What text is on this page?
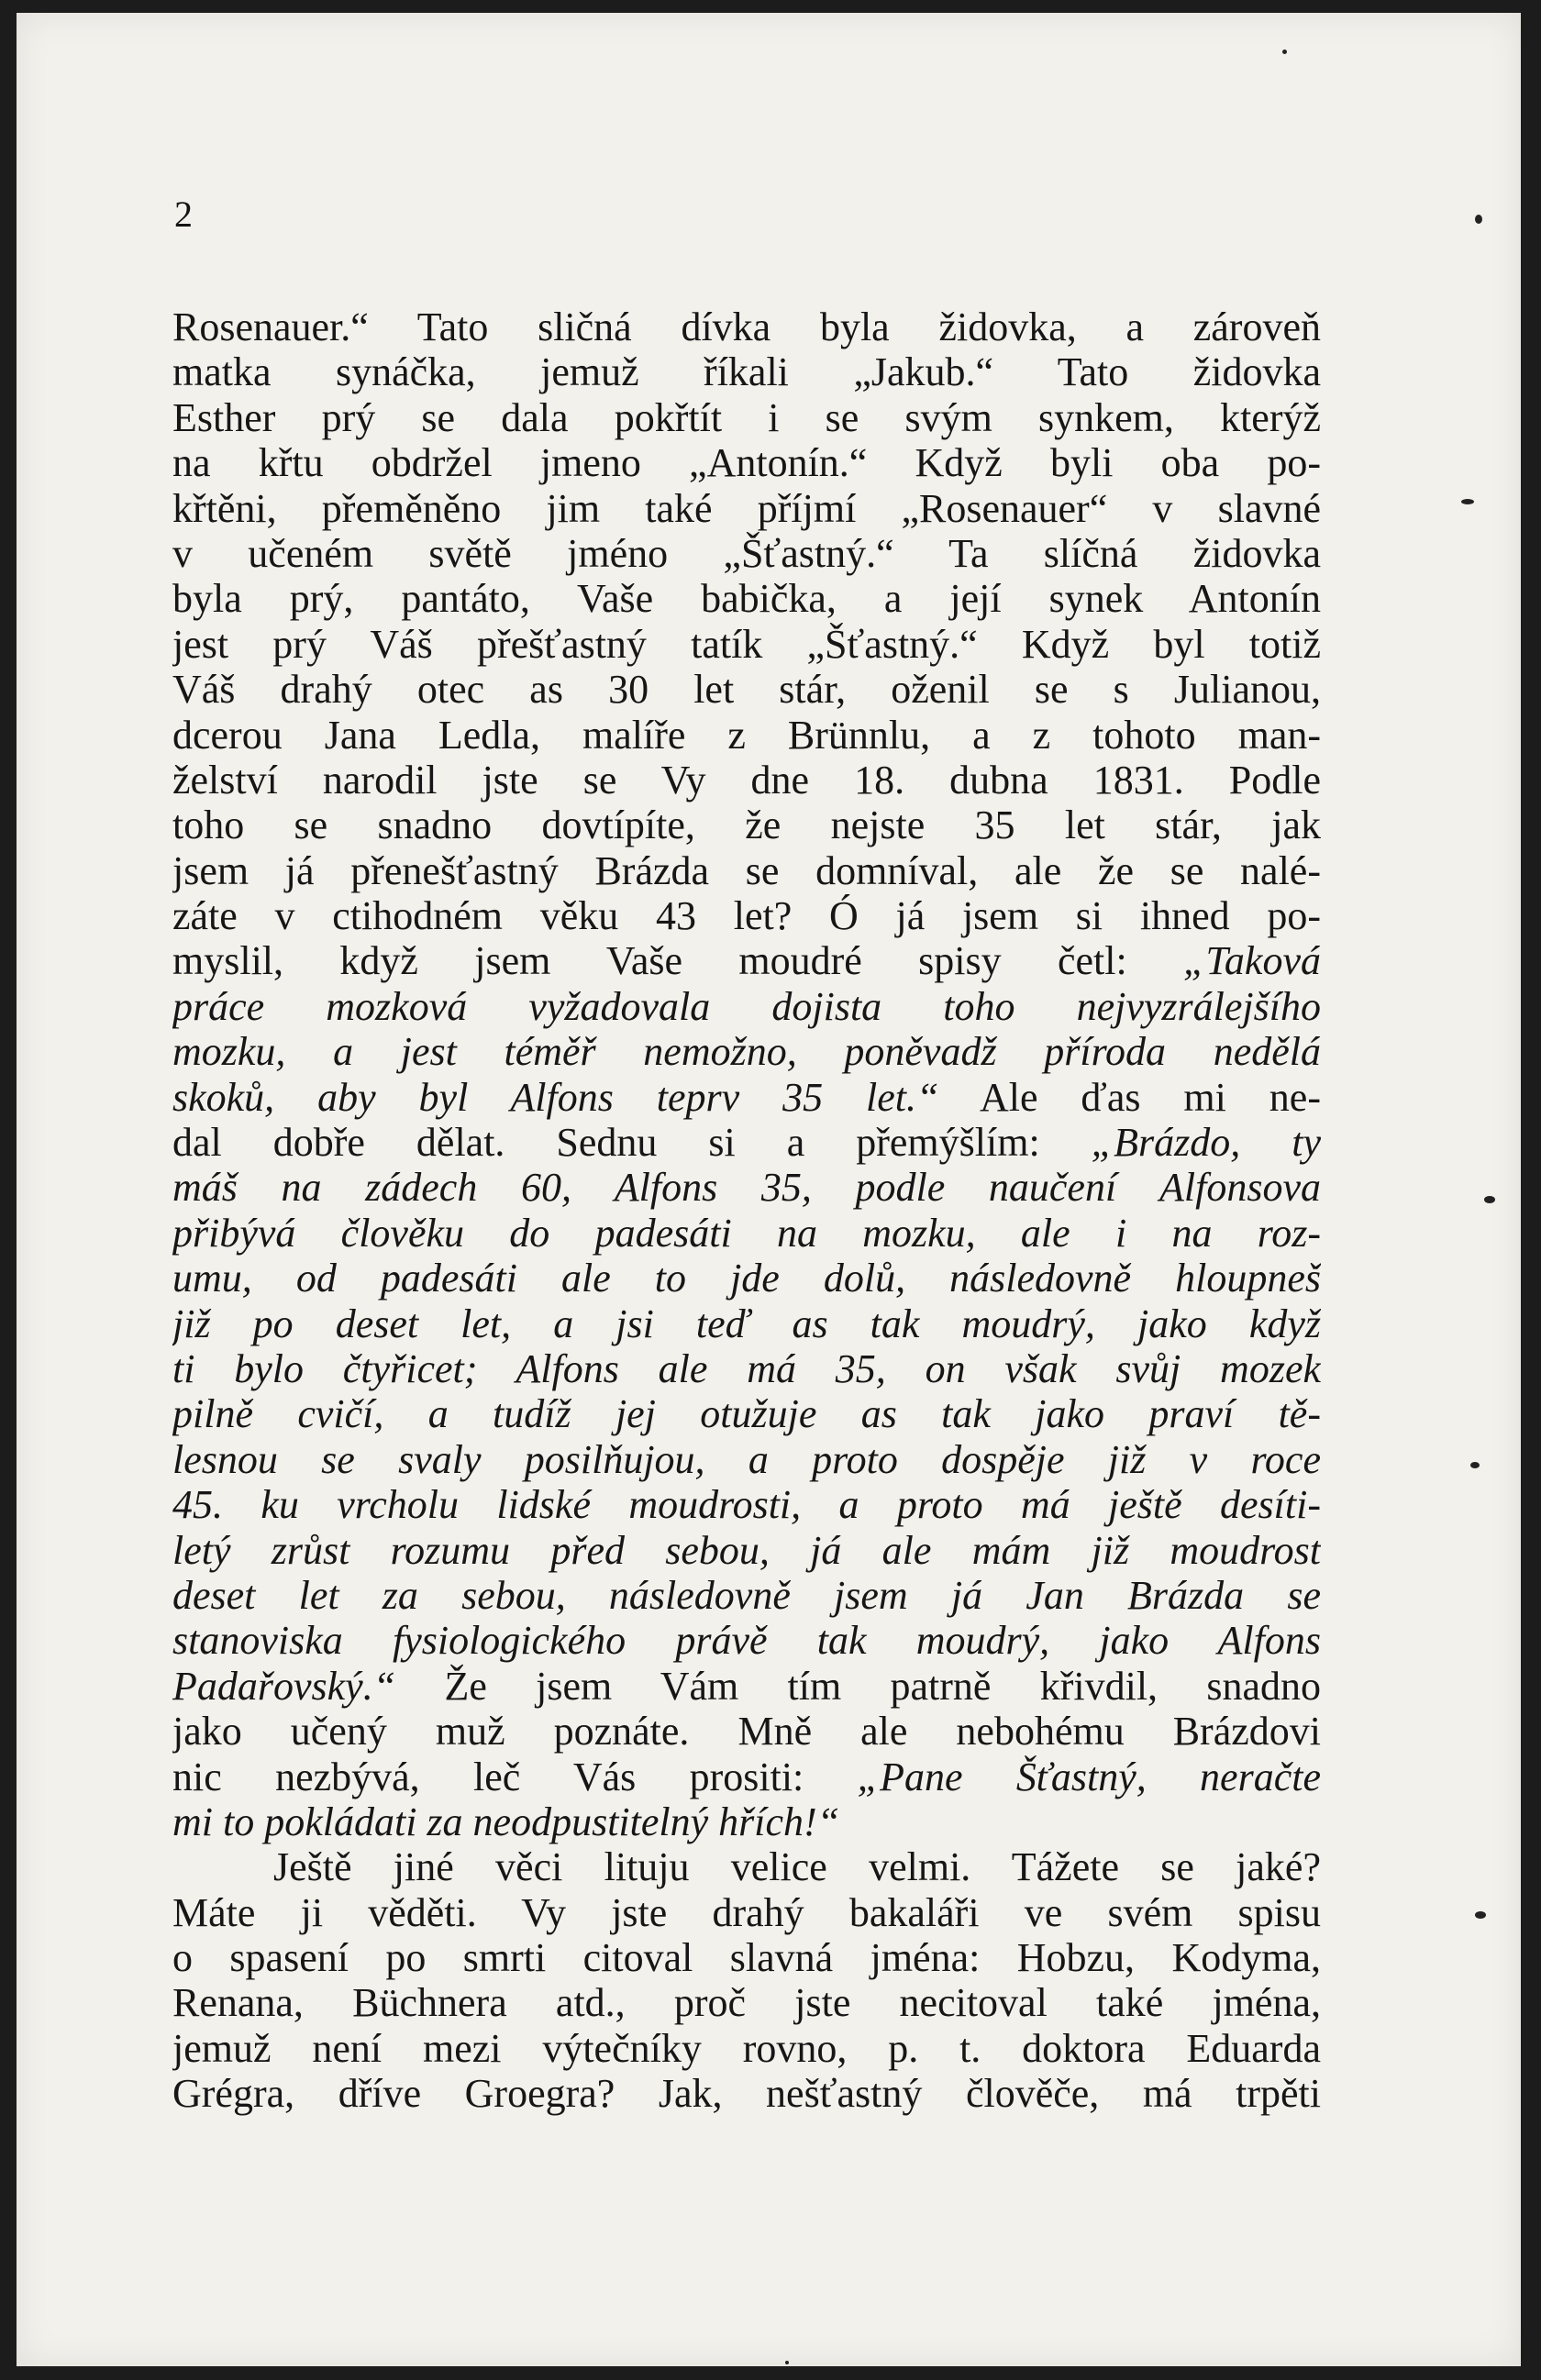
2

Rosenauer.“ Tato sličná dívka byla židovka, a zároveň
matka synáčka, jemuž říkali „Jakub.“ Tato židovka
Esther prý se dala pokřtít i se svým synkem, kterýž
na křtu obdržel jmeno „Antonín.“ Když byli oba po-
křtěni, přeměněno jim také příjmí „Rosenauer“ v slavné
v učeném světě jméno „Šťastný.“ Ta slíčná židovka
byla prý, pantáto, Vaše babička, a její synek Antonín
jest prý Váš přešťastný tatík „Šťastný.“ Když byl totiž
Váš drahý otec as 30 let stár, oženil se s Julianou,
dcerou Jana Ledla, malíře z Brünnlu, a z tohoto man-
želství narodil jste se Vy dne 18. dubna 1831. Podle
toho se snadno dovtípíte, že nejste 35 let stár, jak
jsem já přenešťastný Brázda se domníval, ale že se nalé-
záte v ctihodném věku 43 let? Ó já jsem si ihned po-
myslil, když jsem Vaše moudré spisy četl: „Taková
práce mozková vyžadovala dojista toho nejvyzrálejšího
mozku, a jest téměř nemožno, poněvadž příroda nedělá
skoků, aby byl Alfons teprv 35 let.“ Ale ďas mi ne-
dal dobře dělat. Sednu si a přemýšlím: „Brázdo, ty
máš na zádech 60, Alfons 35, podle naučení Alfonsova
přibývá člověku do padesáti na mozku, ale i na roz-
umu, od padesáti ale to jde dolů, následovně hloupneš
již po deset let, a jsi teď as tak moudrý, jako když
ti bylo čtyřicet; Alfons ale má 35, on však svůj mozek
pilně cvičí, a tudíž jej otužuje as tak jako praví tě-
lesnou se svaly posilňujou, a proto dospěje již v roce
45. ku vrcholu lidské moudrosti, a proto má ještě desíti-
letý zrůst rozumu před sebou, já ale mám již moudrost
deset let za sebou, následovně jsem já Jan Brázda se
stanoviska fysiologického právě tak moudrý, jako Alfons
Padařovský.“ Že jsem Vám tím patrně křivdil, snadno
jako učený muž poznáte. Mně ale nebohému Brázdovi
nic nezbývá, leč Vás prositi: „Pane Šťastný, neračte
mi to pokládati za neodpustitelný hřích!“
Ještě jiné věci lituju velice velmi. Tážete se jaké?
Máte ji věděti. Vy jste drahý bakaláři ve svém spisu
o spasení po smrti citoval slavná jména: Hobzu, Kodyma,
Renana, Büchnera atd., proč jste necitoval také jména,
jemuž není mezi výtečníky rovno, p. t. doktora Eduarda
Grégra, dříve Groegra? Jak, nešťastný člověče, má trpěti
